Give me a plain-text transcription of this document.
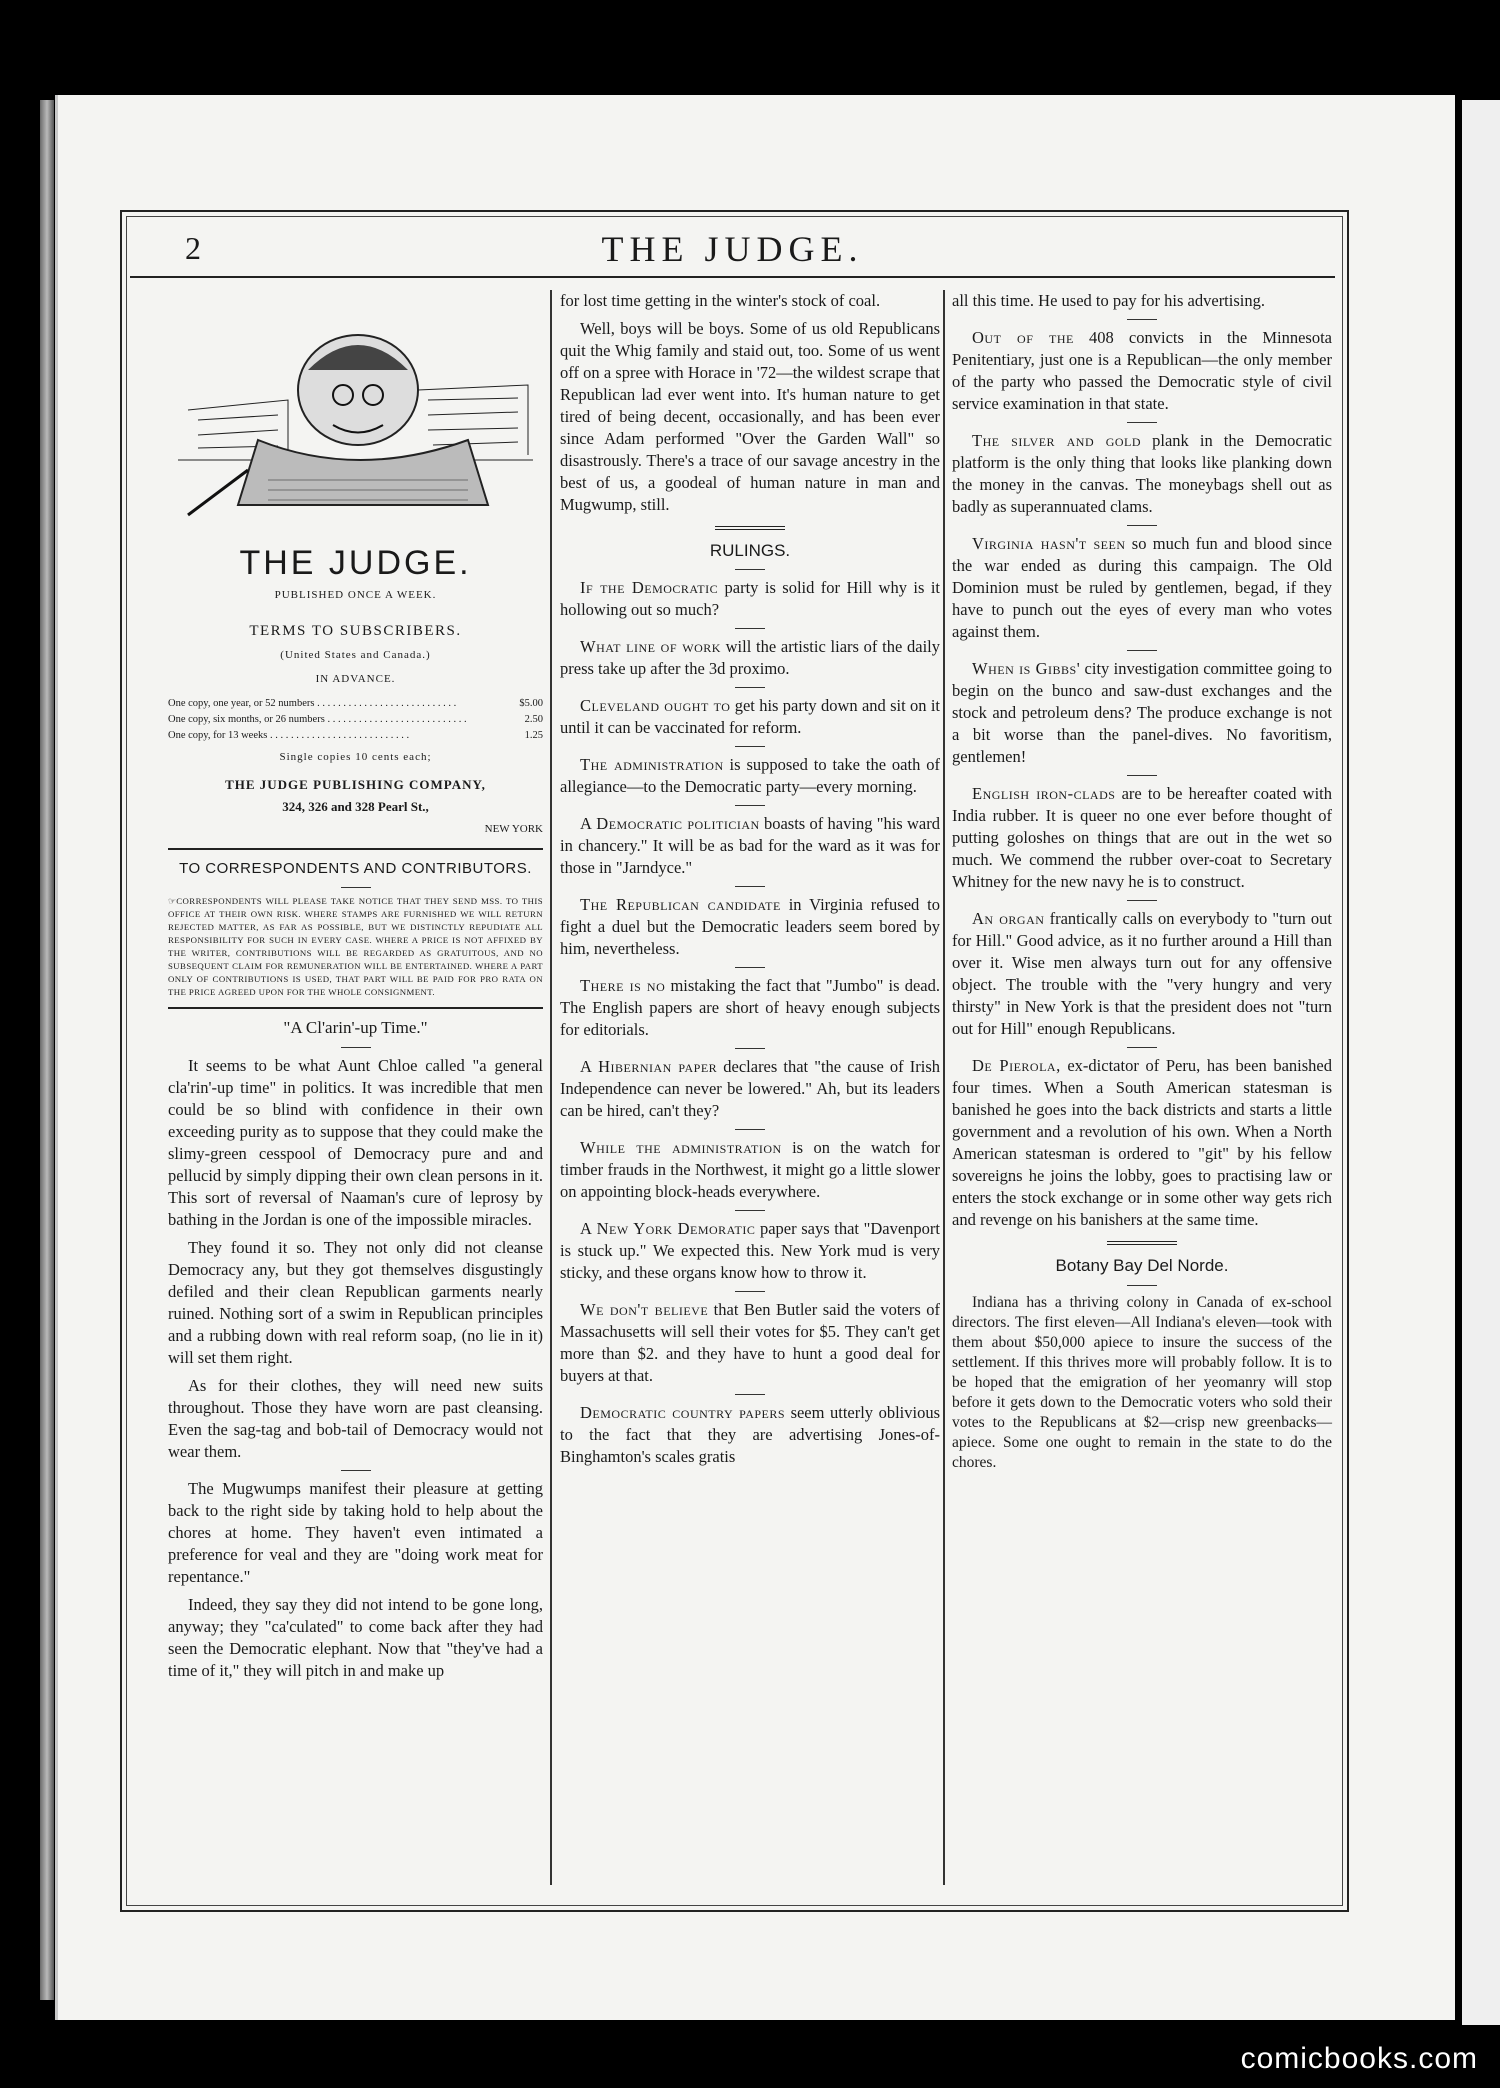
THE JUDGE.
2
THE JUDGE.
PUBLISHED ONCE A WEEK.
TERMS TO SUBSCRIBERS.
(United States and Canada.)
IN ADVANCE.
One copy, one year, or 52 numbers . . .	$5.00
One copy, six months, or 26 numbers . . .	2.50
One copy, for 13 weeks . . .	1.25
Single copies 10 cents each;
THE JUDGE PUBLISHING COMPANY,
324, 326 and 328 Pearl St.,
NEW YORK
TO CORRESPONDENTS AND CONTRIBUTORS.
☞CORRESPONDENTS WILL PLEASE TAKE NOTICE THAT THEY SEND MSS. TO THIS OFFICE AT THEIR OWN RISK. WHERE STAMPS ARE FURNISHED WE WILL RETURN REJECTED MATTER, AS FAR AS POSSIBLE, BUT WE DISTINCTLY REPUDIATE ALL RESPONSIBILITY FOR SUCH IN EVERY CASE. WHERE A PRICE IS NOT AFFIXED BY THE WRITER, CONTRIBUTIONS WILL BE REGARDED AS GRATUITOUS, AND NO SUBSEQUENT CLAIM FOR REMUNERATION WILL BE ENTERTAINED. WHERE A PART ONLY OF CONTRIBUTIONS IS USED, THAT PART WILL BE PAID FOR PRO RATA ON THE PRICE AGREED UPON FOR THE WHOLE CONSIGNMENT.
"A Cl'arin'-up Time."

It seems to be what Aunt Chloe called "a general cla'rin'-up time" in politics. It was incredible that men could be so blind with confidence in their own exceeding purity as to suppose that they could make the slimy-green cesspool of Democracy pure and and pellucid by simply dipping their own clean persons in it. This sort of reversal of Naaman's cure of leprosy by bathing in the Jordan is one of the impossible miracles.

They found it so. They not only did not cleanse Democracy any, but they got themselves disgustingly defiled and their clean Republican garments nearly ruined. Nothing sort of a swim in Republican principles and a rubbing down with real reform soap, (no lie in it) will set them right.

As for their clothes, they will need new suits throughout. Those they have worn are past cleansing. Even the sag-tag and bob-tail of Democracy would not wear them.

The Mugwumps manifest their pleasure at getting back to the right side by taking hold to help about the chores at home. They haven't even intimated a preference for veal and they are "doing work meat for repentance."

Indeed, they say they did not intend to be gone long, anyway; they "ca'culated" to come back after they had seen the Democratic elephant. Now that "they've had a time of it," they will pitch in and make up

for lost time getting in the winter's stock of coal.

Well, boys will be boys. Some of us old Republicans quit the Whig family and staid out, too. Some of us went off on a spree with Horace in '72—the wildest scrape that Republican lad ever went into. It's human nature to get tired of being decent, occasionally, and has been ever since Adam performed "Over the Garden Wall" so disastrously. There's a trace of our savage ancestry in the best of us, a goodeal of human nature in man and Mugwump, still.

RULINGS.

If the Democratic party is solid for Hill why is it hollowing out so much?

What line of work will the artistic liars of the daily press take up after the 3d proximo.

Cleveland ought to get his party down and sit on it until it can be vaccinated for reform.

The administration is supposed to take the oath of allegiance—to the Democratic party—every morning.

A Democratic politician boasts of having "his ward in chancery." It will be as bad for the ward as it was for those in "Jarndyce."

The Republican candidate in Virginia refused to fight a duel but the Democratic leaders seem bored by him, nevertheless.

There is no mistaking the fact that "Jumbo" is dead. The English papers are short of heavy enough subjects for editorials.

A Hibernian paper declares that "the cause of Irish Independence can never be lowered." Ah, but its leaders can be hired, can't they?

While the administration is on the watch for timber frauds in the Northwest, it might go a little slower on appointing block-heads everywhere.

A New York Demoratic paper says that "Davenport is stuck up." We expected this. New York mud is very sticky, and these organs know how to throw it.

We don't believe that Ben Butler said the voters of Massachusetts will sell their votes for $5. They can't get more than $2. and they have to hunt a good deal for buyers at that.

Democratic country papers seem utterly oblivious to the fact that they are advertising Jones-of-Binghamton's scales gratis

all this time. He used to pay for his advertising.

Out of the 408 convicts in the Minnesota Penitentiary, just one is a Republican—the only member of the party who passed the Democratic style of civil service examination in that state.

The silver and gold plank in the Democratic platform is the only thing that looks like planking down the money in the canvas. The moneybags shell out as badly as superannuated clams.

Virginia hasn't seen so much fun and blood since the war ended as during this campaign. The Old Dominion must be ruled by gentlemen, begad, if they have to punch out the eyes of every man who votes against them.

When is Gibbs' city investigation committee going to begin on the bunco and saw-dust exchanges and the stock and petroleum dens? The produce exchange is not a bit worse than the panel-dives. No favoritism, gentlemen!

English iron-clads are to be hereafter coated with India rubber. It is queer no one ever before thought of putting goloshes on things that are out in the wet so much. We commend the rubber over-coat to Secretary Whitney for the new navy he is to construct.

An organ frantically calls on everybody to "turn out for Hill." Good advice, as it no further around a Hill than over it. Wise men always turn out for any offensive object. The trouble with the "very hungry and very thirsty" in New York is that the president does not "turn out for Hill" enough Republicans.

De Pierola, ex-dictator of Peru, has been banished four times. When a South American statesman is banished he goes into the back districts and starts a little government and a revolution of his own. When a North American statesman is ordered to "git" by his fellow sovereigns he joins the lobby, goes to practising law or enters the stock exchange or in some other way gets rich and revenge on his banishers at the same time.

Botany Bay Del Norde.

Indiana has a thriving colony in Canada of ex-school directors. The first eleven—All Indiana's eleven—took with them about $50,000 apiece to insure the success of the settlement. If this thrives more will probably follow. It is to be hoped that the emigration of her yeomanry will stop before it gets down to the Democratic voters who sold their votes to the Republicans at $2—crisp new greenbacks—apiece. Some one ought to remain in the state to do the chores.

comicbooks.com
